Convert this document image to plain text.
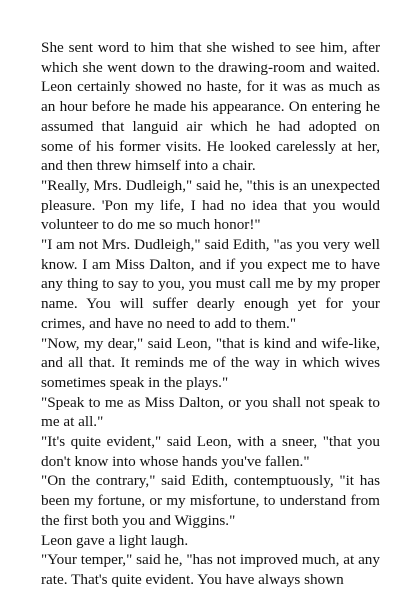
She sent word to him that she wished to see him, after which she went down to the drawing-room and waited. Leon certainly showed no haste, for it was as much as an hour before he made his appearance. On entering he assumed that languid air which he had adopted on some of his former visits. He looked carelessly at her, and then threw himself into a chair.

"Really, Mrs. Dudleigh," said he, "this is an unexpected pleasure. 'Pon my life, I had no idea that you would volunteer to do me so much honor!"

"I am not Mrs. Dudleigh," said Edith, "as you very well know. I am Miss Dalton, and if you expect me to have any thing to say to you, you must call me by my proper name. You will suffer dearly enough yet for your crimes, and have no need to add to them."

"Now, my dear," said Leon, "that is kind and wife-like, and all that. It reminds me of the way in which wives sometimes speak in the plays."

"Speak to me as Miss Dalton, or you shall not speak to me at all."

"It's quite evident," said Leon, with a sneer, "that you don't know into whose hands you've fallen."

"On the contrary," said Edith, contemptuously, "it has been my fortune, or my misfortune, to understand from the first both you and Wiggins."

Leon gave a light laugh.

"Your temper," said he, "has not improved much, at any rate. That's quite evident. You have always shown
